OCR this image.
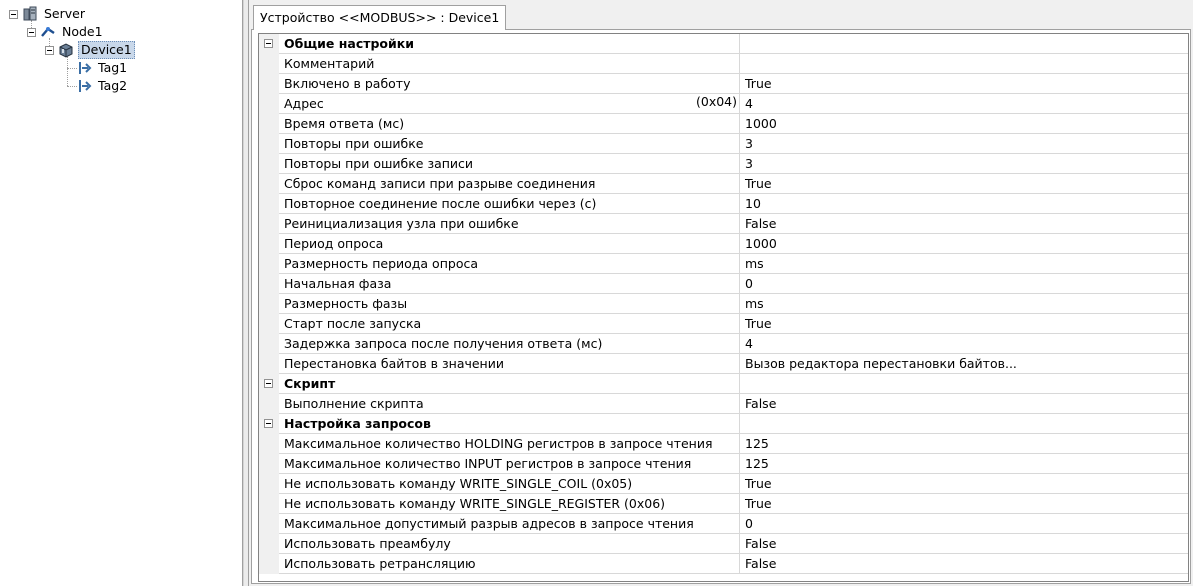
Server
Node1
Device1
Tag1
Tag2
Устройство <<MODBUS>> : Device1
	Общие настройки	
	Комментарий	
	Включено в работу	True
	Адрес (0x04)	4
	Время ответа (мс)	1000
	Повторы при ошибке	3
	Повторы при ошибке записи	3
	Сброс команд записи при разрыве соединения	True
	Повторное соединение после ошибки через (с)	10
	Реинициализация узла при ошибке	False
	Период опроса	1000
	Размерность периода опроса	ms
	Начальная фаза	0
	Размерность фазы	ms
	Старт после запуска	True
	Задержка запроса после получения ответа (мс)	4
	Перестановка байтов в значении	Вызов редактора перестановки байтов...

	Скрипт	
	Выполнение скрипта	False

	Настройка запросов	
	Максимальное количество HOLDING регистров в запросе чтения	125
	Максимальное количество INPUT регистров в запросе чтения	125
	Не использовать команду WRITE_SINGLE_COIL (0x05)	True
	Не использовать команду WRITE_SINGLE_REGISTER (0x06)	True
	Максимальное допустимый разрыв адресов в запросе чтения	0
	Использовать преамбулу	False
	Использовать ретрансляцию	False
